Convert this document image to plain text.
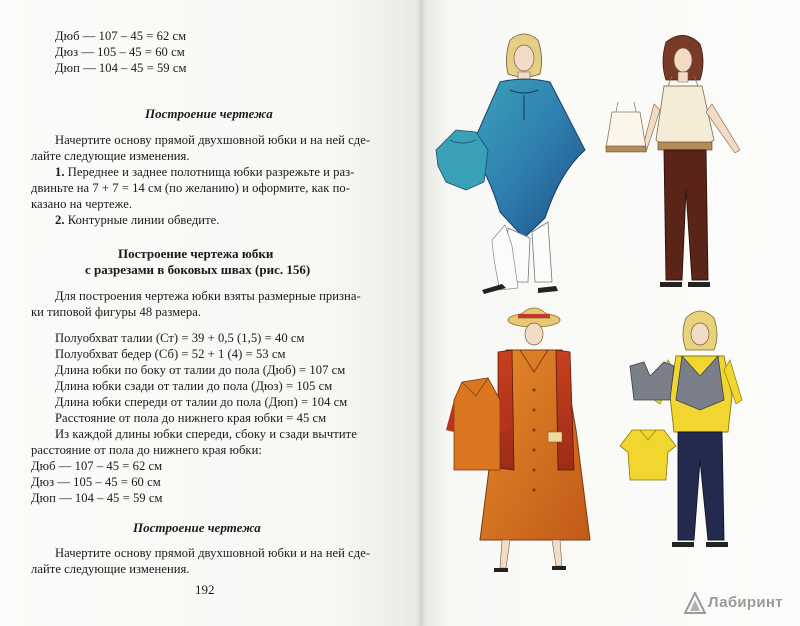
Дюб — 107 – 45 = 62 см
Дюз — 105 – 45 = 60 см
Дюп — 104 – 45 = 59 см
Построение чертежа
Начертите основу прямой двухшовной юбки и на ней сде-
лайте следующие изменения.
1. Переднее и заднее полотнища юбки разрежьте и раз-
двиньте на 7 + 7 = 14 см (по желанию) и оформите, как по-
казано на чертеже.
2. Контурные линии обведите.
Построение чертежа юбки
с разрезами в боковых швах (рис. 156)
Для построения чертежа юбки взяты размерные призна-
ки типовой фигуры 48 размера.
Полуобхват талии (Ст) = 39 + 0,5 (1,5) = 40 см
Полуобхват бедер (Сб) = 52 + 1 (4) = 53 см
Длина юбки по боку от талии до пола (Дюб) = 107 см
Длина юбки сзади от талии до пола (Дюз) = 105 см
Длина юбки спереди от талии до пола (Дюп) = 104 см
Расстояние от пола до нижнего края юбки = 45 см
Из каждой длины юбки спереди, сбоку и сзади вычтите
расстояние от пола до нижнего края юбки:
Дюб — 107 – 45 = 62 см
Дюз — 105 – 45 = 60 см
Дюп — 104 – 45 = 59 см
Построение чертежа
Начертите основу прямой двухшовной юбки и на ней сде-
лайте следующие изменения.
192
Лабиринт
